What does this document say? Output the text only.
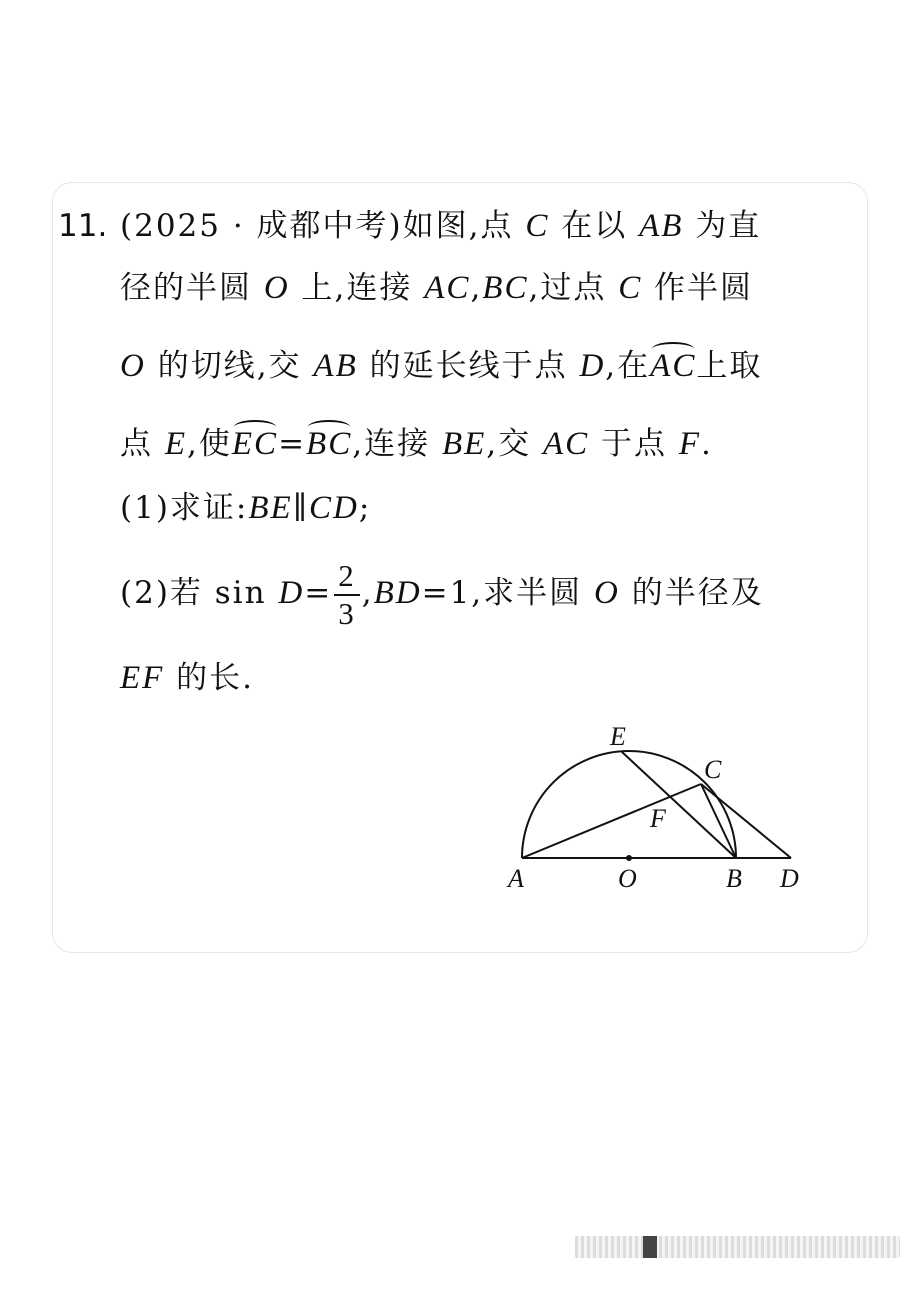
11. (2025 · 成都中考)如图,点 C 在以 AB 为直
径的半圆 O 上,连接 AC,BC,过点 C 作半圆
O 的切线,交 AB 的延长线于点 D,在AC上取
点 E,使EC=BC,连接 BE,交 AC 于点 F.
(1)求证:BE∥CD;
(2)若 $\sin D= \frac{2}{3} ,BD=1$,求半圆 O 的半径及
EF 的长.
A	O	B D
E
C
F
